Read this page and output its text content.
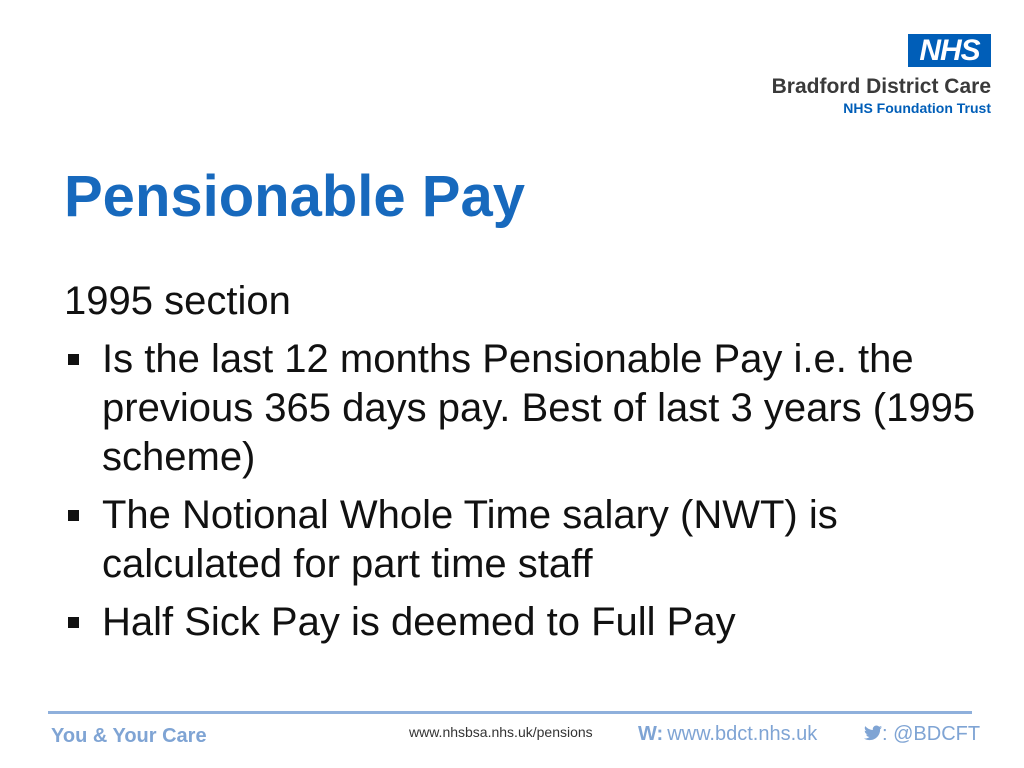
NHS
Bradford District Care
NHS Foundation Trust
Pensionable Pay

1995 section

Is the last 12 months Pensionable Pay i.e. the previous 365 days pay. Best of last 3 years (1995 scheme)
The Notional Whole Time salary (NWT) is calculated for part time staff
Half Sick Pay is deemed to Full Pay
You & Your Care	www.nhsbsa.nhs.uk/pensions W: www.bdct.nhs.uk	: @BDCFT
